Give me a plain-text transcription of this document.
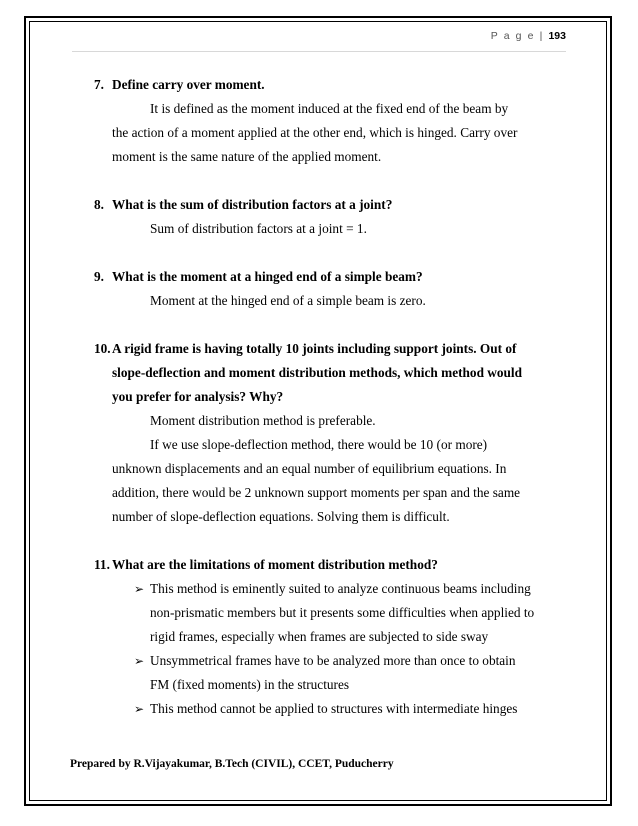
P a g e | 193
7. Define carry over moment.
It is defined as the moment induced at the fixed end of the beam by
the action of a moment applied at the other end, which is hinged. Carry over
moment is the same nature of the applied moment.
8. What is the sum of distribution factors at a joint?
Sum of distribution factors at a joint = 1.
9. What is the moment at a hinged end of a simple beam?
Moment at the hinged end of a simple beam is zero.
10. A rigid frame is having totally 10 joints including support joints. Out of
slope-deflection and moment distribution methods, which method would
you prefer for analysis? Why?
Moment distribution method is preferable.
If we use slope-deflection method, there would be 10 (or more)
unknown displacements and an equal number of equilibrium equations. In
addition, there would be 2 unknown support moments per span and the same
number of slope-deflection equations. Solving them is difficult.
11. What are the limitations of moment distribution method?
➢ This method is eminently suited to analyze continuous beams including
non-prismatic members but it presents some difficulties when applied to
rigid frames, especially when frames are subjected to side sway
➢ Unsymmetrical frames have to be analyzed more than once to obtain
FM (fixed moments) in the structures
➢ This method cannot be applied to structures with intermediate hinges
Prepared by R.Vijayakumar, B.Tech (CIVIL), CCET, Puducherry
